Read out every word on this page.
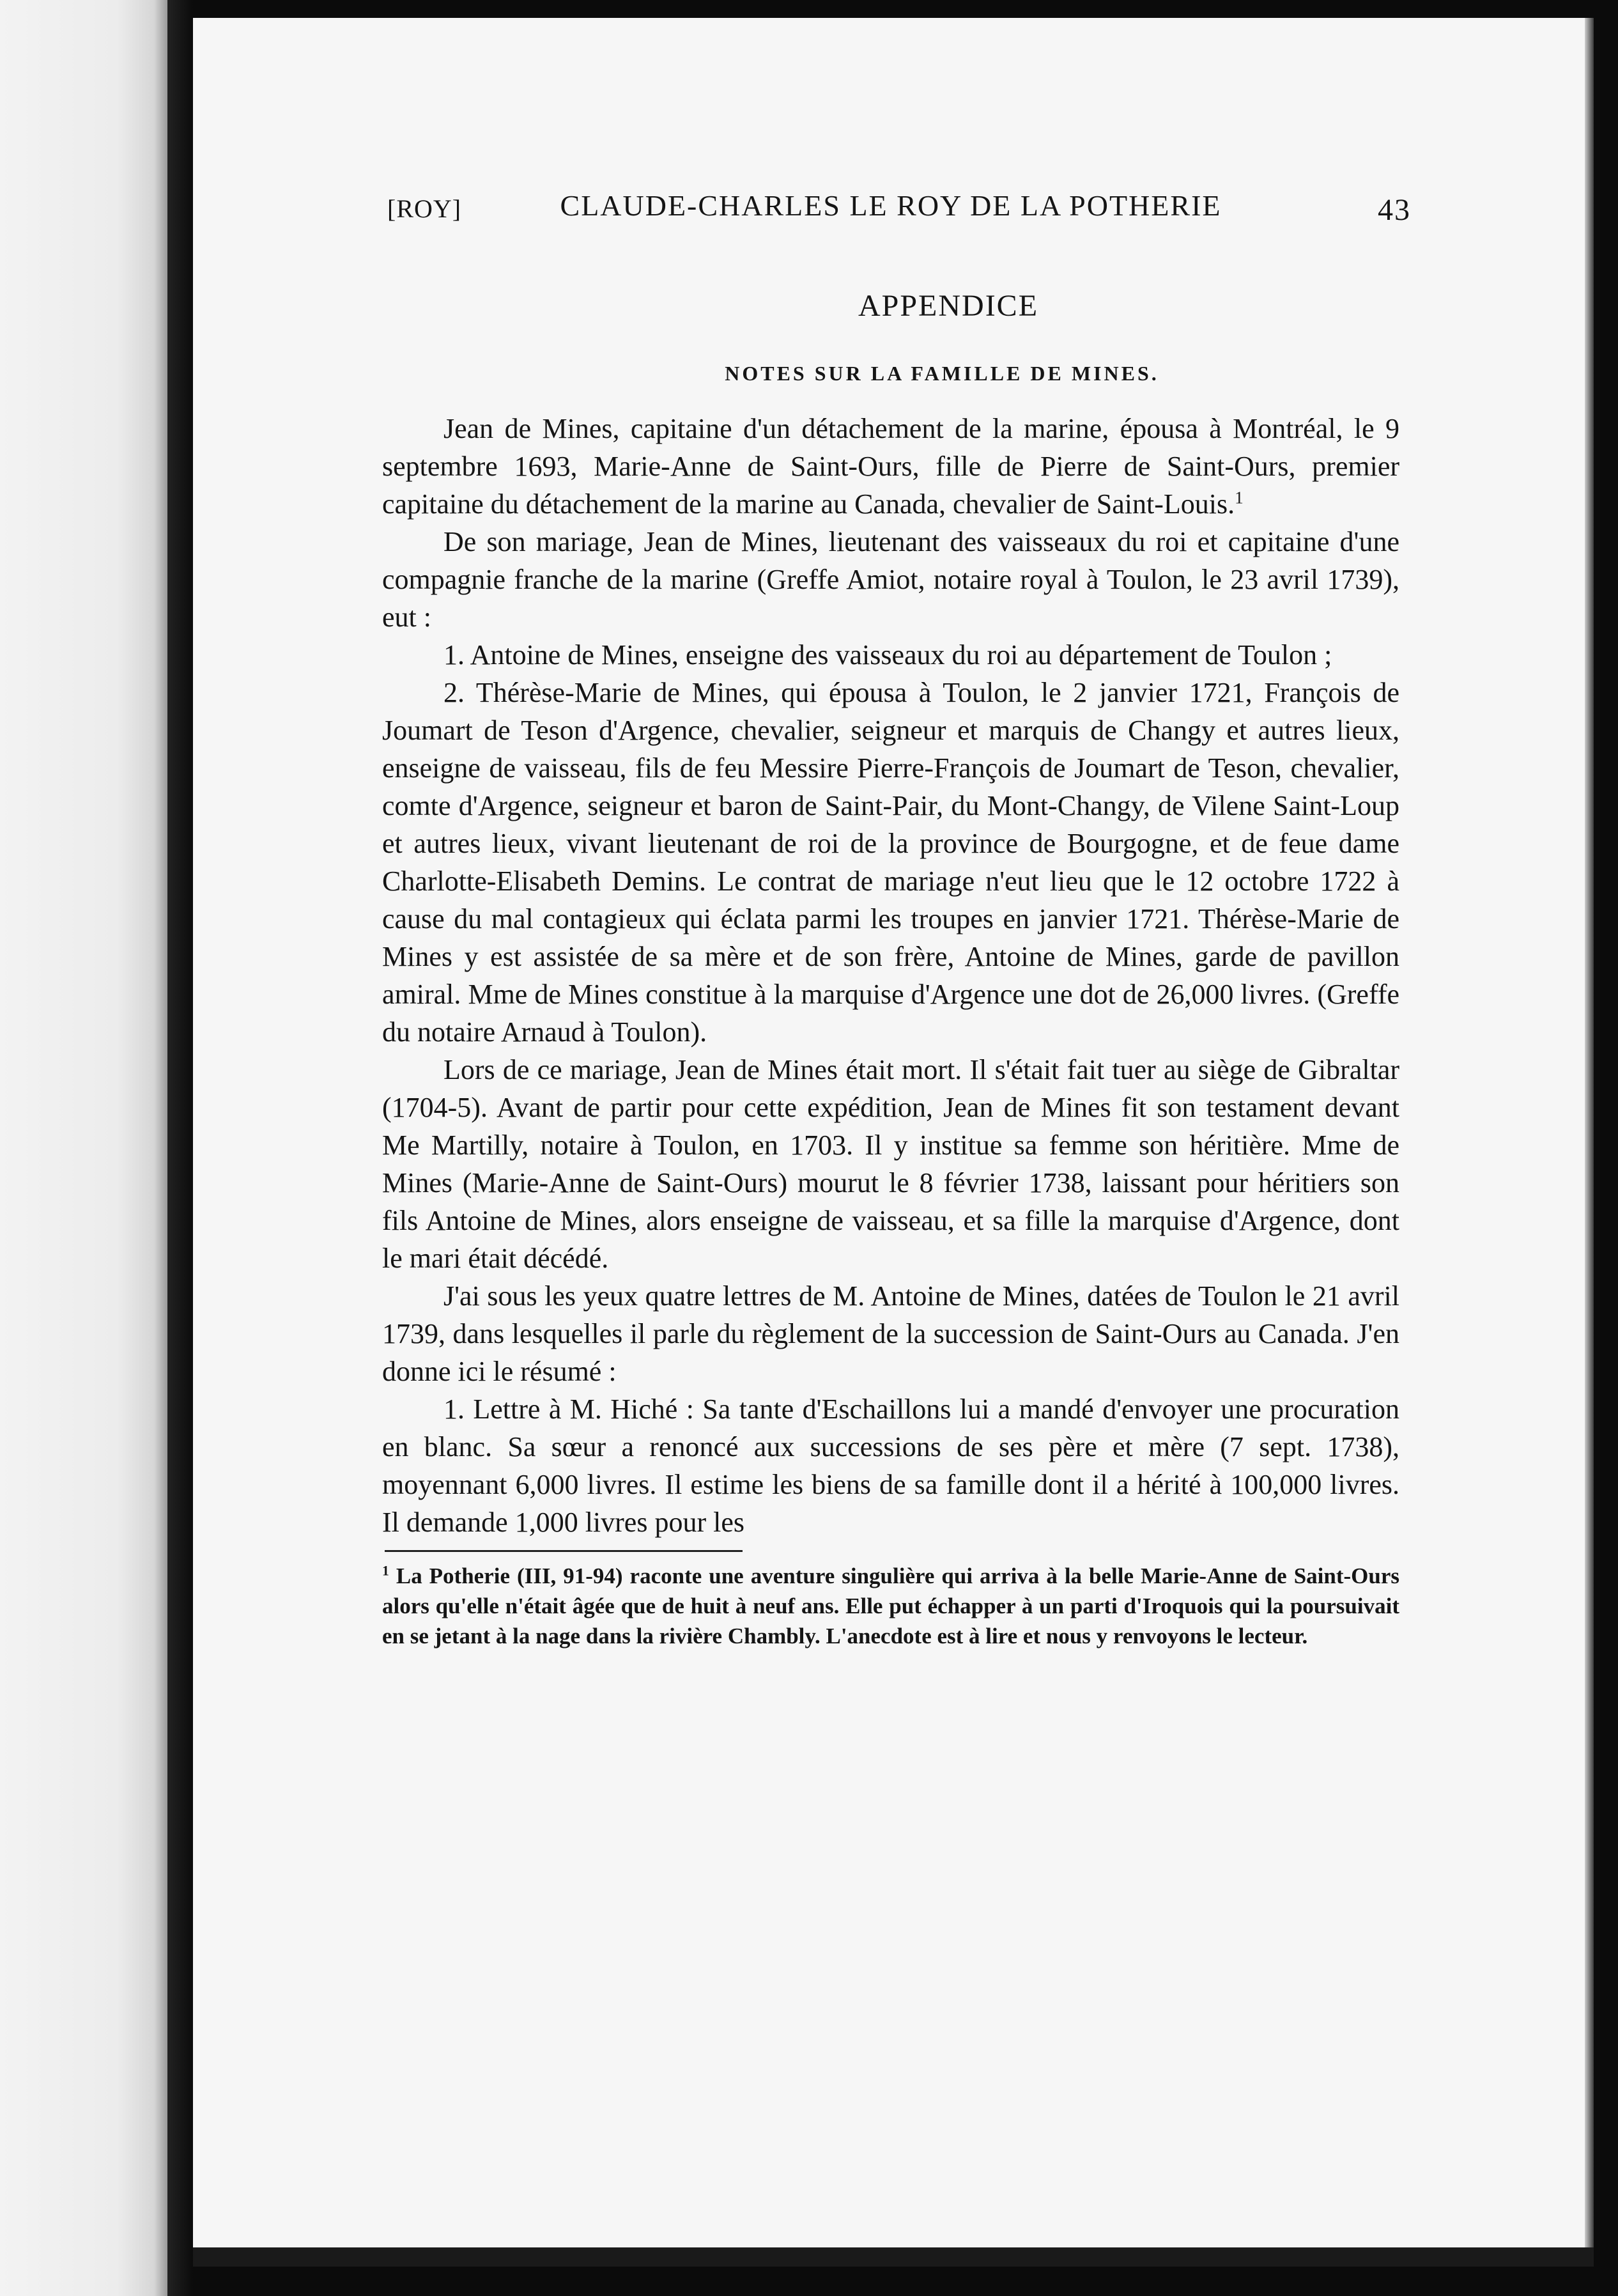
[ROY]	CLAUDE-CHARLES LE ROY DE LA POTHERIE	43
APPENDICE
NOTES SUR LA FAMILLE DE MINES.

Jean de Mines, capitaine d'un détachement de la marine, épousa à Montréal, le 9 septembre 1693, Marie-Anne de Saint-Ours, fille de Pierre de Saint-Ours, premier capitaine du détachement de la marine au Canada, chevalier de Saint-Louis.$^1$

De son mariage, Jean de Mines, lieutenant des vaisseaux du roi et capitaine d'une compagnie franche de la marine (Greffe Amiot, notaire royal à Toulon, le 23 avril 1739), eut :

1. Antoine de Mines, enseigne des vaisseaux du roi au département de Toulon ;

2. Thérèse-Marie de Mines, qui épousa à Toulon, le 2 janvier 1721, François de Joumart de Teson d'Argence, chevalier, seigneur et marquis de Changy et autres lieux, enseigne de vaisseau, fils de feu Messire Pierre-François de Joumart de Teson, chevalier, comte d'Argence, seigneur et baron de Saint-Pair, du Mont-Changy, de Vilene Saint-Loup et autres lieux, vivant lieutenant de roi de la province de Bourgogne, et de feue dame Charlotte-Elisabeth Demins. Le contrat de mariage n'eut lieu que le 12 octobre 1722 à cause du mal contagieux qui éclata parmi les troupes en janvier 1721. Thérèse-Marie de Mines y est assistée de sa mère et de son frère, Antoine de Mines, garde de pavillon amiral. Mme de Mines constitue à la marquise d'Argence une dot de 26,000 livres. (Greffe du notaire Arnaud à Toulon).

Lors de ce mariage, Jean de Mines était mort. Il s'était fait tuer au siège de Gibraltar (1704-5). Avant de partir pour cette expédition, Jean de Mines fit son testament devant Me Martilly, notaire à Toulon, en 1703. Il y institue sa femme son héritière. Mme de Mines (Marie-Anne de Saint-Ours) mourut le 8 février 1738, laissant pour héritiers son fils Antoine de Mines, alors enseigne de vaisseau, et sa fille la marquise d'Argence, dont le mari était décédé.

J'ai sous les yeux quatre lettres de M. Antoine de Mines, datées de Toulon le 21 avril 1739, dans lesquelles il parle du règlement de la succession de Saint-Ours au Canada. J'en donne ici le résumé :

1. Lettre à M. Hiché : Sa tante d'Eschaillons lui a mandé d'envoyer une procuration en blanc. Sa sœur a renoncé aux successions de ses père et mère (7 sept. 1738), moyennant 6,000 livres. Il estime les biens de sa famille dont il a hérité à 100,000 livres. Il demande 1,000 livres pour les

$^1$ La Potherie (III, 91-94) raconte une aventure singulière qui arriva à la belle Marie-Anne de Saint-Ours alors qu'elle n'était âgée que de huit à neuf ans. Elle put échapper à un parti d'Iroquois qui la poursuivait en se jetant à la nage dans la rivière Chambly. L'anecdote est à lire et nous y renvoyons le lecteur.
